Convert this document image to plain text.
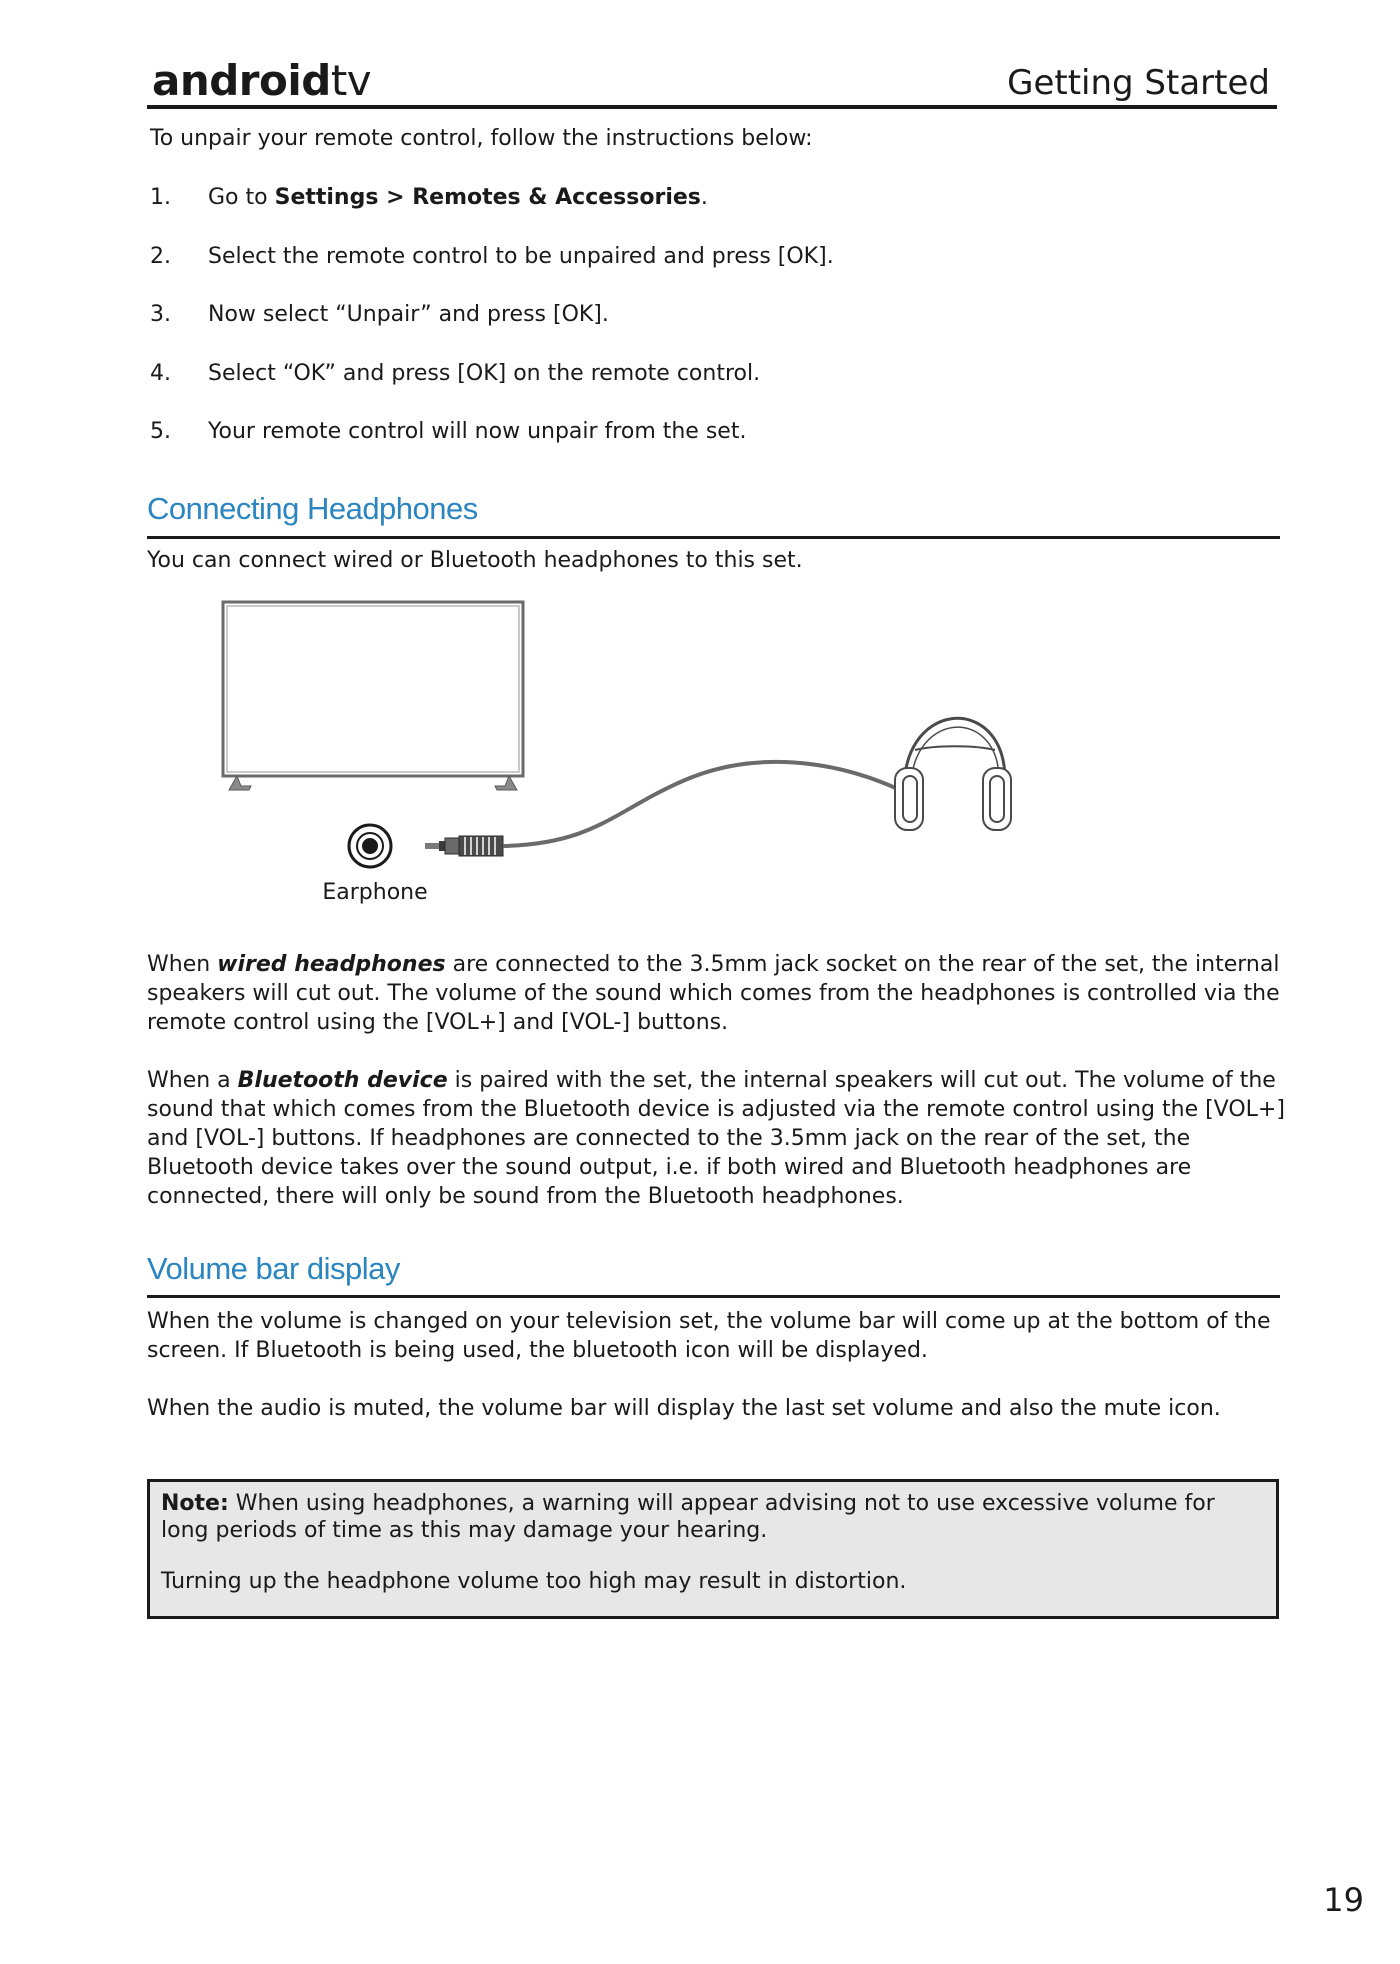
androidtv	Getting Started
To unpair your remote control, follow the instructions below:
1.	Go to Settings > Remotes & Accessories.
2.	Select the remote control to be unpaired and press [OK].
3.	Now select “Unpair” and press [OK].
4.	Select “OK” and press [OK] on the remote control.
5.	Your remote control will now unpair from the set.
Connecting Headphones
You can connect wired or Bluetooth headphones to this set.
Earphone
When wired headphones are connected to the 3.5mm jack socket on the rear of the set, the internal speakers will cut out. The volume of the sound which comes from the headphones is controlled via the remote control using the [VOL+] and [VOL-] buttons.
When a Bluetooth device is paired with the set, the internal speakers will cut out. The volume of the sound that which comes from the Bluetooth device is adjusted via the remote control using the [VOL+] and [VOL-] buttons. If headphones are connected to the 3.5mm jack on the rear of the set, the Bluetooth device takes over the sound output, i.e. if both wired and Bluetooth headphones are connected, there will only be sound from the Bluetooth headphones.
Volume bar display
When the volume is changed on your television set, the volume bar will come up at the bottom of the screen. If Bluetooth is being used, the bluetooth icon will be displayed.
When the audio is muted, the volume bar will display the last set volume and also the mute icon.
Note: When using headphones, a warning will appear advising not to use excessive volume for long periods of time as this may damage your hearing.
Turning up the headphone volume too high may result in distortion.
19
